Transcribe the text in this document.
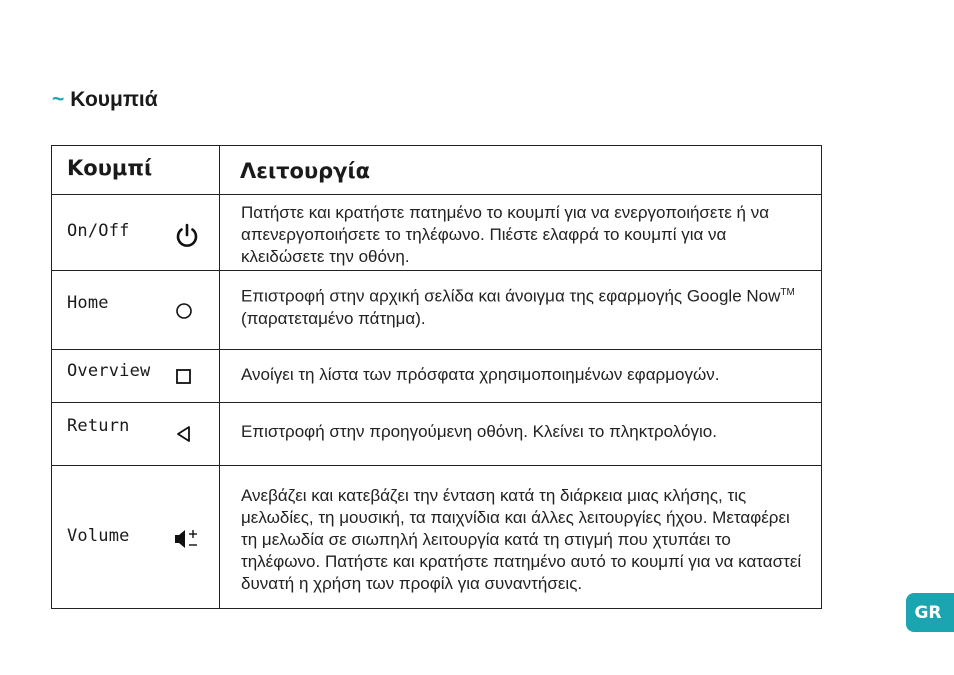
~ Κουμπιά
Κουμπί	Λειτουργία

On/Off	Πατήστε και κρατήστε πατημένο το κουμπί για να ενεργοποιήσετε ή να απενεργοποιήσετε το τηλέφωνο. Πιέστε ελαφρά το κουμπί για να κλειδώσετε την οθόνη.

Home	Επιστροφή στην αρχική σελίδα και άνοιγμα της εφαρμογής Google Now™ (παρατεταμένο πάτημα).

Overview	Ανοίγει τη λίστα των πρόσφατα χρησιμοποιημένων εφαρμογών.

Return	Επιστροφή στην προηγούμενη οθόνη. Κλείνει το πληκτρολόγιο.

Volume	Ανεβάζει και κατεβάζει την ένταση κατά τη διάρκεια μιας κλήσης, τις μελωδίες, τη μουσική, τα παιχνίδια και άλλες λειτουργίες ήχου. Μεταφέρει τη μελωδία σε σιωπηλή λειτουργία κατά τη στιγμή που χτυπάει το τηλέφωνο. Πατήστε και κρατήστε πατημένο αυτό το κουμπί για να καταστεί δυνατή η χρήση των προφίλ για συναντήσεις.
GR
